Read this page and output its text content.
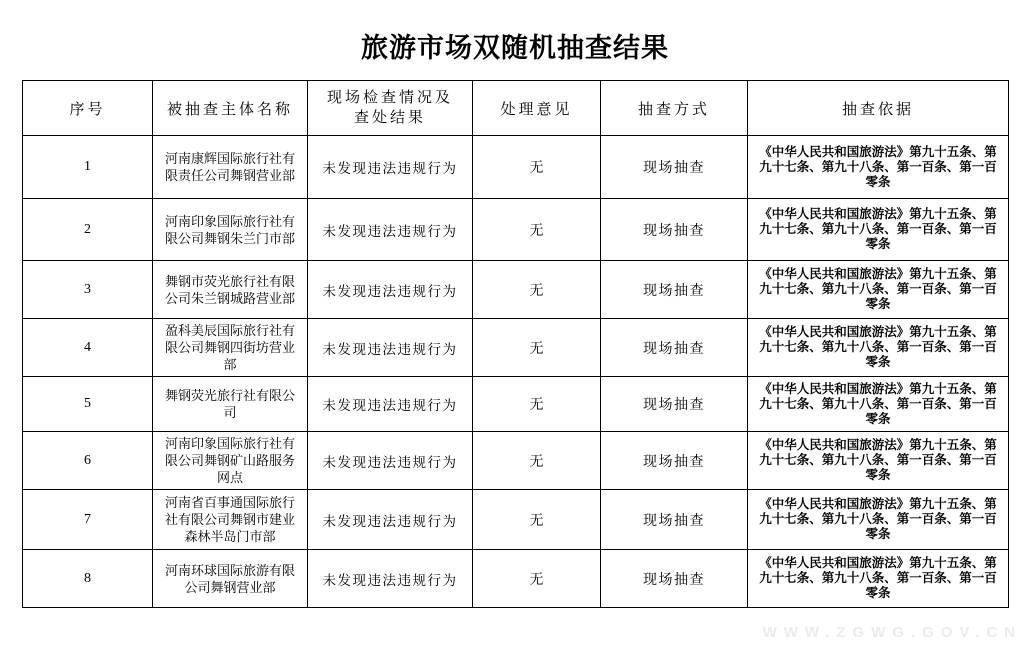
旅游市场双随机抽查结果
序号	被抽查主体名称	现场检查情况及查处结果	处理意见	抽查方式	抽查依据
1	河南康辉国际旅行社有限责任公司舞钢营业部	未发现违法违规行为	无	现场抽查	《中华人民共和国旅游法》第九十五条、第九十七条、第九十八条、第一百条、第一百零条
2	河南印象国际旅行社有限公司舞钢朱兰门市部	未发现违法违规行为	无	现场抽查	《中华人民共和国旅游法》第九十五条、第九十七条、第九十八条、第一百条、第一百零条
3	舞钢市荧光旅行社有限公司朱兰钢城路营业部	未发现违法违规行为	无	现场抽查	《中华人民共和国旅游法》第九十五条、第九十七条、第九十八条、第一百条、第一百零条
4	盈科美辰国际旅行社有限公司舞钢四街坊营业部	未发现违法违规行为	无	现场抽查	《中华人民共和国旅游法》第九十五条、第九十七条、第九十八条、第一百条、第一百零条
5	舞钢荧光旅行社有限公司	未发现违法违规行为	无	现场抽查	《中华人民共和国旅游法》第九十五条、第九十七条、第九十八条、第一百条、第一百零条
6	河南印象国际旅行社有限公司舞钢矿山路服务网点	未发现违法违规行为	无	现场抽查	《中华人民共和国旅游法》第九十五条、第九十七条、第九十八条、第一百条、第一百零条
7	河南省百事通国际旅行社有限公司舞钢市建业森林半岛门市部	未发现违法违规行为	无	现场抽查	《中华人民共和国旅游法》第九十五条、第九十七条、第九十八条、第一百条、第一百零条
8	河南环球国际旅游有限公司舞钢营业部	未发现违法违规行为	无	现场抽查	《中华人民共和国旅游法》第九十五条、第九十七条、第九十八条、第一百条、第一百零条
WWW.ZGWG.GOV.CN
